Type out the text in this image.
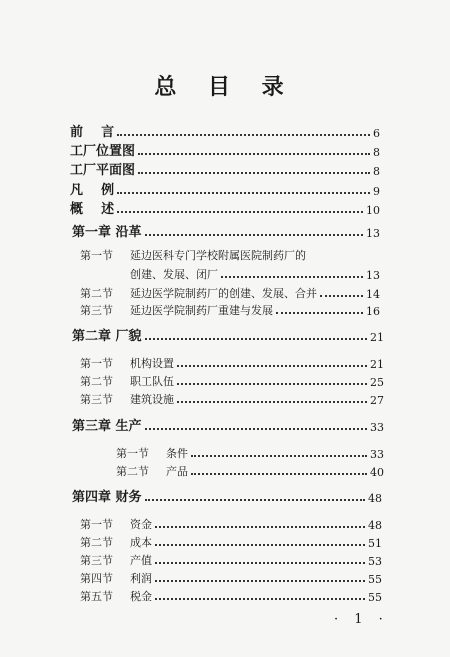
总 目 录
前    言	6
工厂位置图	8
工厂平面图	8
凡    例	9
概    述	10
第一章 沿革	13
第一节 延边医科专门学校附属医院制药厂的
创建、发展、闭厂	13
第二节 延边医学院制药厂的创建、发展、合并	14
第三节 延边医学院制药厂重建与发展	16
第二章 厂貌	21
第一节 机构设置	21
第二节 职工队伍	25
第三节 建筑设施	27
第三章 生产	33
第一节 条件	33
第二节 产品	40
第四章 财务	48
第一节 资金	48
第二节 成本	51
第三节 产值	53
第四节 利润	55
第五节 税金	55
· 1 ·
